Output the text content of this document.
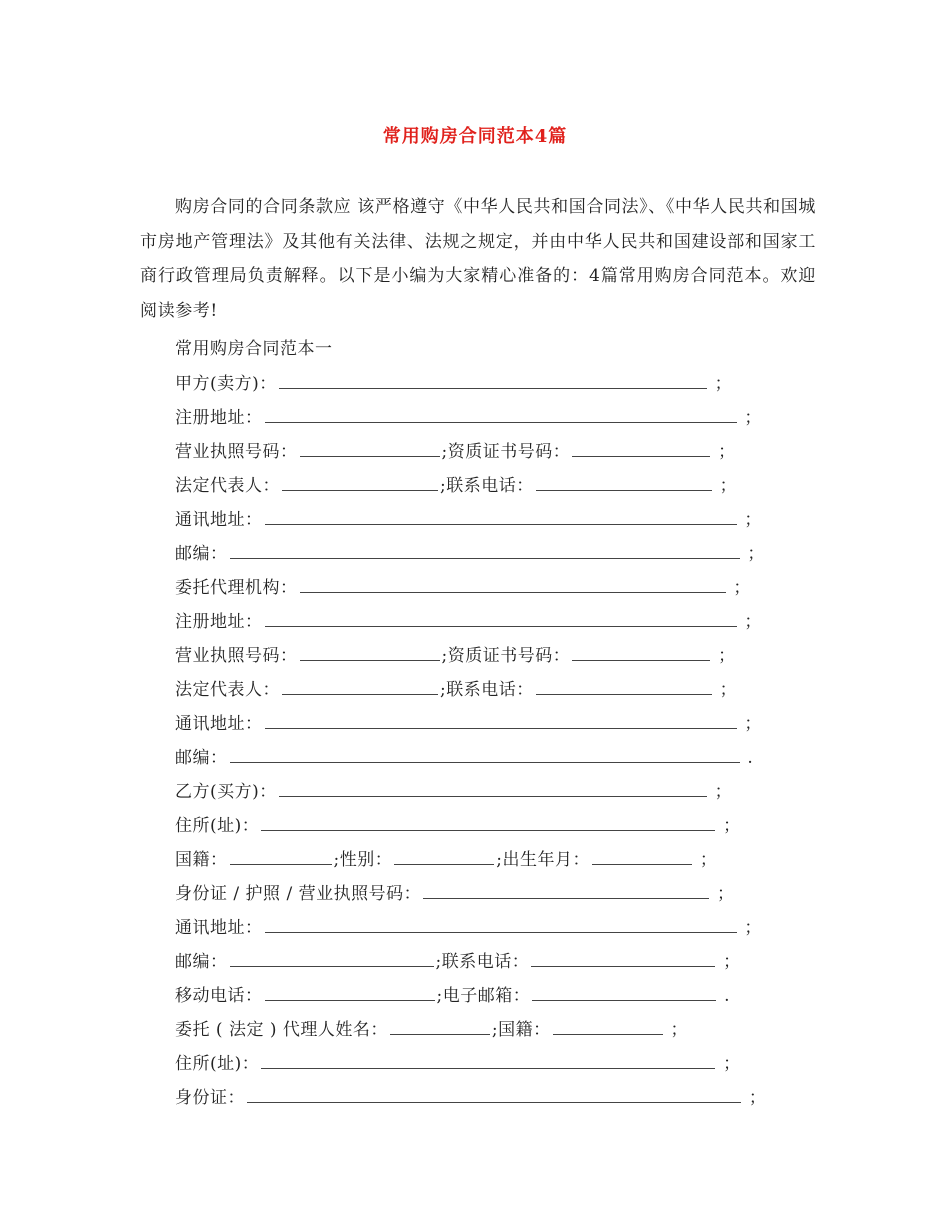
常用购房合同范本4篇

购房合同的合同条款应 该严格遵守《中华人民共和国合同法》、《中华人民共和国城市房地产管理法》及其他有关法律、法规之规定，并由中华人民共和国建设部和国家工商行政管理局负责解释。以下是小编为大家精心准备的：4篇常用购房合同范本。欢迎阅读参考!

常用购房合同范本一
甲方(卖方)：	；
注册地址：	；
营业执照号码：	;资质证书号码：	；
法定代表人：	;联系电话：	；
通讯地址：	；
邮编：	；
委托代理机构：	；
注册地址：	；
营业执照号码：	;资质证书号码：	；
法定代表人：	;联系电话：	；
通讯地址：	；
邮编：	.
乙方(买方)：	；
住所(址)：	；
国籍：	;性别：	;出生年月：	；
身份证 / 护照 / 营业执照号码：	；
通讯地址：	；
邮编：	;联系电话：	；
移动电话：	;电子邮箱：	.
委托 ( 法定 ) 代理人姓名：	;国籍：	；
住所(址)：	；
身份证：	；
